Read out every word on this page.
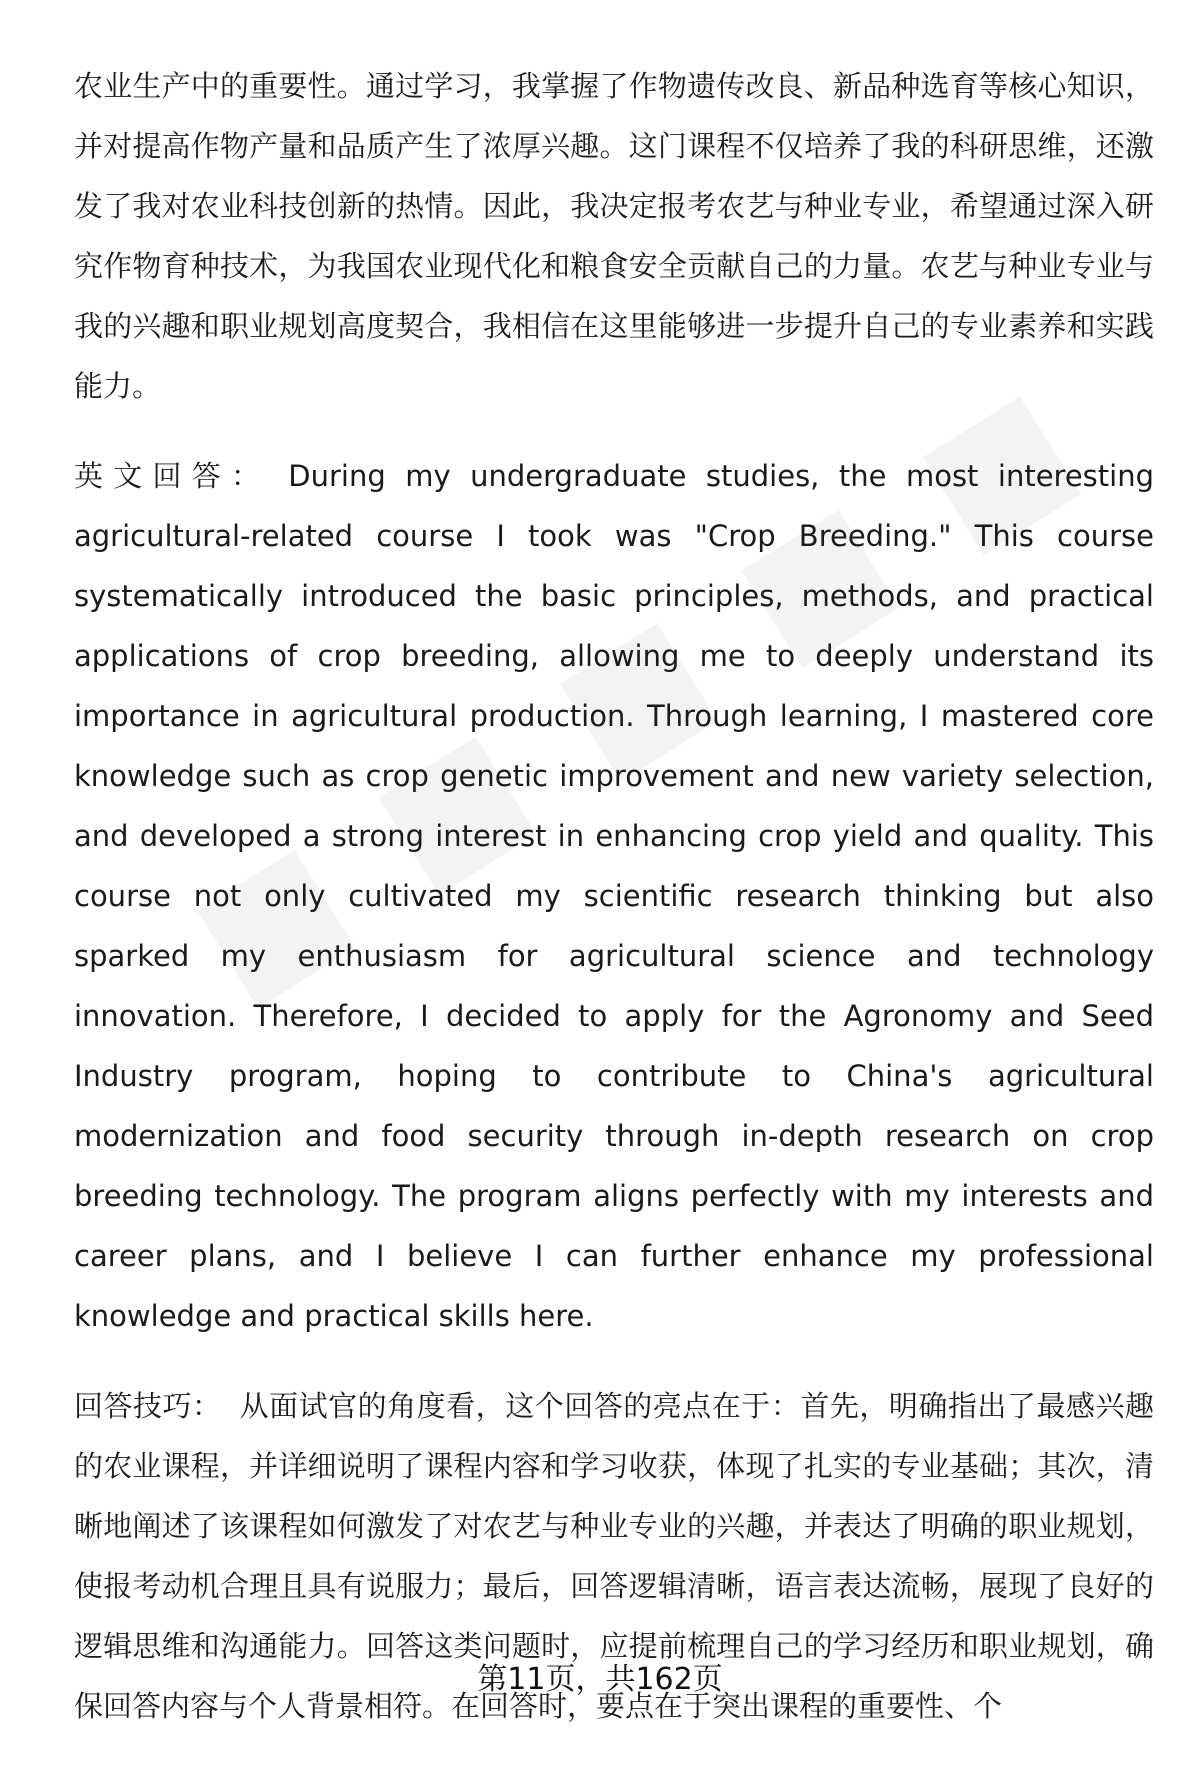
农业生产中的重要性。通过学习，我掌握了作物遗传改良、新品种选育等核心知识，并对提高作物产量和品质产生了浓厚兴趣。这门课程不仅培养了我的科研思维，还激发了我对农业科技创新的热情。因此，我决定报考农艺与种业专业，希望通过深入研究作物育种技术，为我国农业现代化和粮食安全贡献自己的力量。农艺与种业专业与我的兴趣和职业规划高度契合，我相信在这里能够进一步提升自己的专业素养和实践能力。

英文回答： During my undergraduate studies, the most interesting agricultural-related course I took was "Crop Breeding." This course systematically introduced the basic principles, methods, and practical applications of crop breeding, allowing me to deeply understand its importance in agricultural production. Through learning, I mastered core knowledge such as crop genetic improvement and new variety selection, and developed a strong interest in enhancing crop yield and quality. This course not only cultivated my scientific research thinking but also sparked my enthusiasm for agricultural science and technology innovation. Therefore, I decided to apply for the Agronomy and Seed Industry program, hoping to contribute to China's agricultural modernization and food security through in-depth research on crop breeding technology. The program aligns perfectly with my interests and career plans, and I believe I can further enhance my professional knowledge and practical skills here.

回答技巧： 从面试官的角度看，这个回答的亮点在于：首先，明确指出了最感兴趣的农业课程，并详细说明了课程内容和学习收获，体现了扎实的专业基础；其次，清晰地阐述了该课程如何激发了对农艺与种业专业的兴趣，并表达了明确的职业规划，使报考动机合理且具有说服力；最后，回答逻辑清晰，语言表达流畅，展现了良好的逻辑思维和沟通能力。回答这类问题时，应提前梳理自己的学习经历和职业规划，确保回答内容与个人背景相符。在回答时，要点在于突出课程的重要性、个

第11页，共162页
